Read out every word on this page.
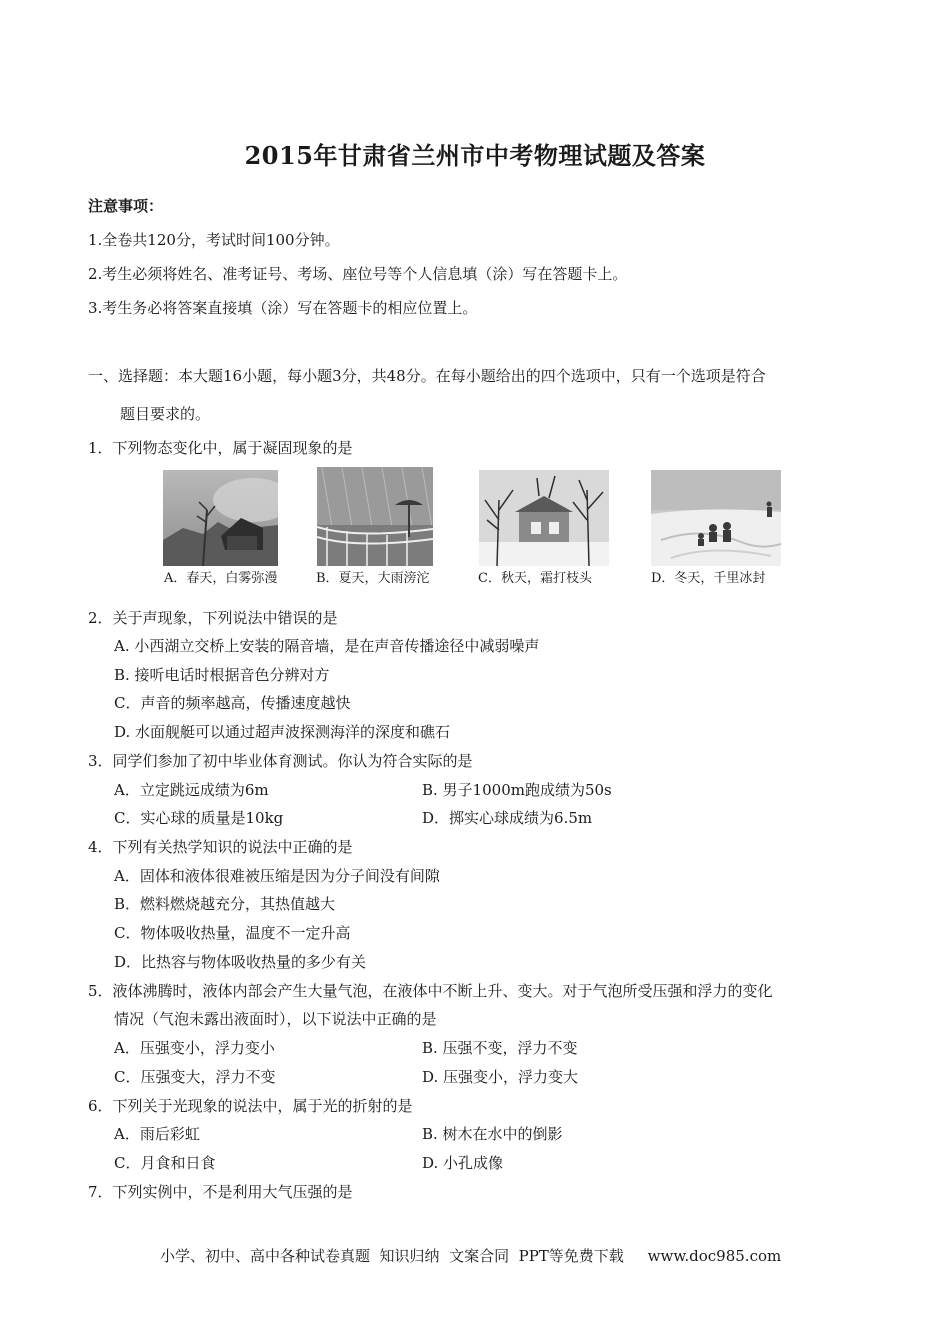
2015年甘肃省兰州市中考物理试题及答案
注意事项：
1.全卷共120分，考试时间100分钟。
2.考生必须将姓名、准考证号、考场、座位号等个人信息填（涂）写在答题卡上。
3.考生务必将答案直接填（涂）写在答题卡的相应位置上。
一、选择题：本大题16小题，每小题3分，共48分。在每小题给出的四个选项中，只有一个选项是符合
题目要求的。
1．下列物态变化中，属于凝固现象的是
A．春天，白雾弥漫	B．夏天，大雨滂沱	C．秋天，霜打枝头	D．冬天，千里冰封
2．关于声现象，下列说法中错误的是
A. 小西湖立交桥上安装的隔音墙，是在声音传播途径中减弱噪声
B. 接听电话时根据音色分辨对方
C．声音的频率越高，传播速度越快
D. 水面舰艇可以通过超声波探测海洋的深度和礁石
3．同学们参加了初中毕业体育测试。你认为符合实际的是
A．立定跳远成绩为6m	B. 男子1000m跑成绩为50s
C．实心球的质量是10kg	D．掷实心球成绩为6.5m
4．下列有关热学知识的说法中正确的是
A．固体和液体很难被压缩是因为分子间没有间隙
B．燃料燃烧越充分，其热值越大
C．物体吸收热量，温度不一定升高
D．比热容与物体吸收热量的多少有关
5．液体沸腾时，液体内部会产生大量气泡，在液体中不断上升、变大。对于气泡所受压强和浮力的变化
情况（气泡未露出液面时），以下说法中正确的是
A．压强变小，浮力变小	B. 压强不变，浮力不变
C．压强变大，浮力不变	D. 压强变小，浮力变大
6．下列关于光现象的说法中，属于光的折射的是
A．雨后彩虹	B. 树木在水中的倒影
C．月食和日食	D. 小孔成像
7．下列实例中，不是利用大气压强的是
小学、初中、高中各种试卷真题  知识归纳  文案合同  PPT等免费下载     www.doc985.com
